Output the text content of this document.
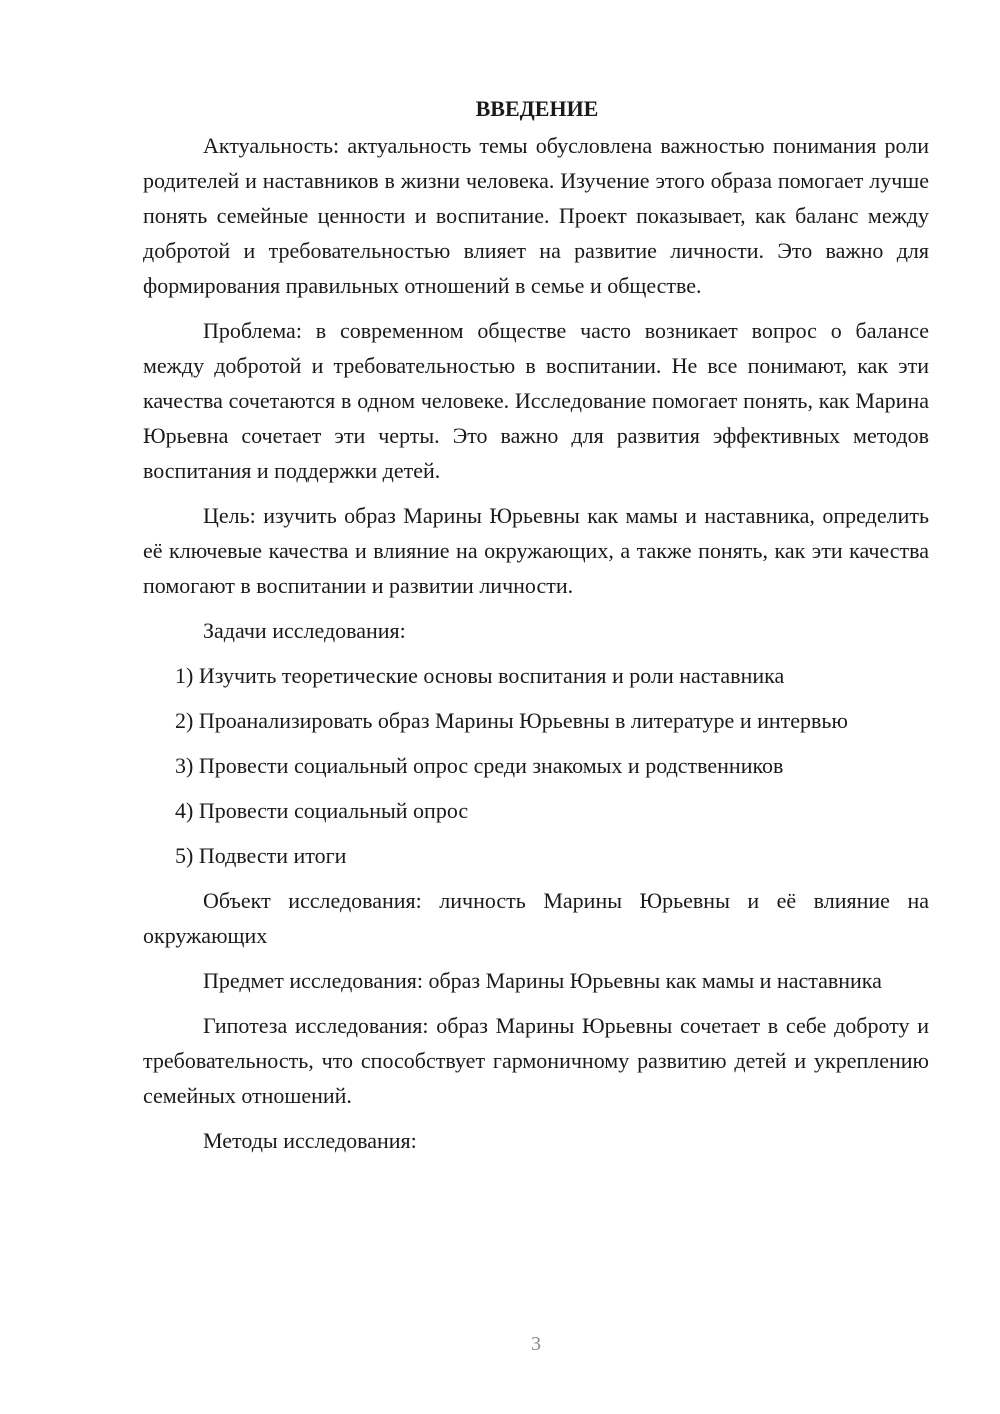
ВВЕДЕНИЕ

Актуальность: актуальность темы обусловлена важностью понимания роли родителей и наставников в жизни человека. Изучение этого образа помогает лучше понять семейные ценности и воспитание. Проект показывает, как баланс между добротой и требовательностью влияет на развитие личности. Это важно для формирования правильных отношений в семье и обществе.

Проблема: в современном обществе часто возникает вопрос о балансе между добротой и требовательностью в воспитании. Не все понимают, как эти качества сочетаются в одном человеке. Исследование помогает понять, как Марина Юрьевна сочетает эти черты. Это важно для развития эффективных методов воспитания и поддержки детей.

Цель: изучить образ Марины Юрьевны как мамы и наставника, определить её ключевые качества и влияние на окружающих, а также понять, как эти качества помогают в воспитании и развитии личности.

Задачи исследования:

1) Изучить теоретические основы воспитания и роли наставника

2) Проанализировать образ Марины Юрьевны в литературе и интервью

3) Провести социальный опрос среди знакомых и родственников

4) Провести социальный опрос

5) Подвести итоги

Объект исследования: личность Марины Юрьевны и её влияние на окружающих

Предмет исследования: образ Марины Юрьевны как мамы и наставника

Гипотеза исследования: образ Марины Юрьевны сочетает в себе доброту и требовательность, что способствует гармоничному развитию детей и укреплению семейных отношений.

Методы исследования:

3
